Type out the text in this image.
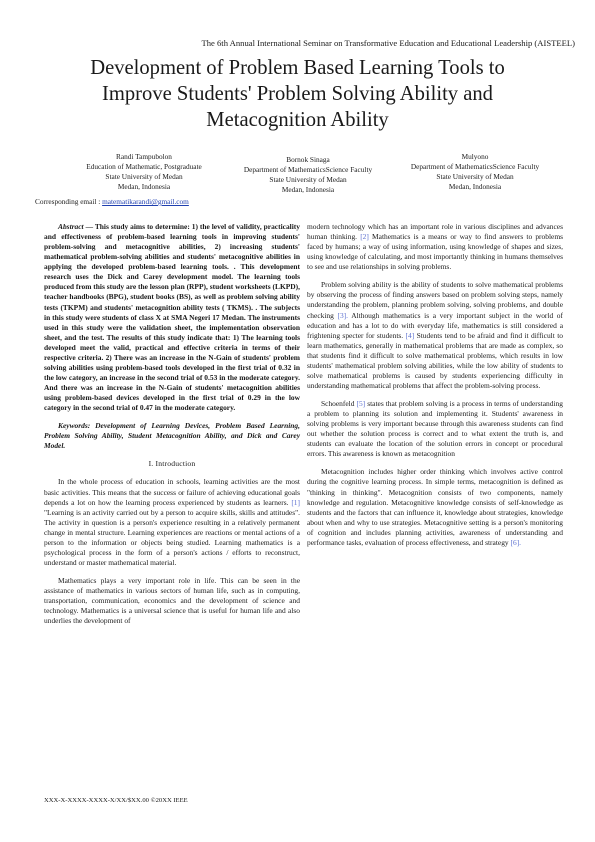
The 6th Annual International Seminar on Transformative Education and Educational Leadership (AISTEEL)
Development of Problem Based Learning Tools to
Improve Students' Problem Solving Ability and
Metacognition Ability
Randi Tampubolon
Education of Mathematic, Postgraduate
State University of Medan
Medan, Indonesia
Bornok Sinaga
Department of MathematicsScience Faculty
State University of Medan
Medan, Indonesia
Mulyono
Department of MathematicsScience Faculty
State University of Medan
Medan, Indonesia
Corresponding email : matematikarandi@gmail.com

Abstract — This study aims to determine: 1) the level of validity, practicality and effectiveness of problem-based learning tools in improving students' problem-solving and metacognitive abilities, 2) increasing students' mathematical problem-solving abilities and students' metacognitive abilities in applying the developed problem-based learning tools. . This development research uses the Dick and Carey development model. The learning tools produced from this study are the lesson plan (RPP), student worksheets (LKPD), teacher handbooks (BPG), student books (BS), as well as problem solving ability tests (TKPM) and students' metacognition ability tests ( TKMS). . The subjects in this study were students of class X at SMA Negeri 17 Medan. The instruments used in this study were the validation sheet, the implementation observation sheet, and the test. The results of this study indicate that: 1) The learning tools developed meet the valid, practical and effective criteria in terms of their respective criteria. 2) There was an increase in the N-Gain of students' problem solving abilities using problem-based tools developed in the first trial of 0.32 in the low category, an increase in the second trial of 0.53 in the moderate category. And there was an increase in the N-Gain of students' metacognition abilities using problem-based devices developed in the first trial of 0.29 in the low category in the second trial of 0.47 in the moderate category.

Keywords: Development of Learning Devices, Problem Based Learning, Problem Solving Ability, Student Metacognition Ability, and Dick and Carey Model.

I. Introduction

In the whole process of education in schools, learning activities are the most basic activities. This means that the success or failure of achieving educational goals depends a lot on how the learning process experienced by students as learners. [1] "Learning is an activity carried out by a person to acquire skills, skills and attitudes". The activity in question is a person's experience resulting in a relatively permanent change in mental structure. Learning experiences are reactions or mental actions of a person to the information or objects being studied. Learning mathematics is a psychological process in the form of a person's actions / efforts to reconstruct, understand or master mathematical material.

Mathematics plays a very important role in life. This can be seen in the assistance of mathematics in various sectors of human life, such as in computing, transportation, communication, economics and the development of science and technology. Mathematics is a universal science that is useful for human life and also underlies the development of

modern technology which has an important role in various disciplines and advances human thinking. [2] Mathematics is a means or way to find answers to problems faced by humans; a way of using information, using knowledge of shapes and sizes, using knowledge of calculating, and most importantly thinking in humans themselves to see and use relationships in solving problems.

Problem solving ability is the ability of students to solve mathematical problems by observing the process of finding answers based on problem solving steps, namely understanding the problem, planning problem solving, solving problems, and double checking [3]. Although mathematics is a very important subject in the world of education and has a lot to do with everyday life, mathematics is still considered a frightening specter for students. [4] Students tend to be afraid and find it difficult to learn mathematics, generally in mathematical problems that are made as complex, so that students find it difficult to solve mathematical problems, which results in low students' mathematical problem solving abilities, while the low ability of students to solve mathematical problems is caused by students experiencing difficulty in understanding mathematical problems that affect the problem-solving process.

Schoenfeld [5] states that problem solving is a process in terms of understanding a problem to planning its solution and implementing it. Students' awareness in solving problems is very important because through this awareness students can find out whether the solution process is correct and to what extent the truth is, and students can evaluate the location of the solution errors in concept or procedural errors. This awareness is known as metacognition

Metacognition includes higher order thinking which involves active control during the cognitive learning process. In simple terms, metacognition is defined as "thinking in thinking". Metacognition consists of two components, namely knowledge and regulation. Metacognitive knowledge consists of self-knowledge as students and the factors that can influence it, knowledge about strategies, knowledge about when and why to use strategies. Metacognitive setting is a person's monitoring of cognition and includes planning activities, awareness of understanding and performance tasks, evaluation of process effectiveness, and strategy [6].

XXX-X-XXXX-XXXX-X/XX/$XX.00 ©20XX IEEE
